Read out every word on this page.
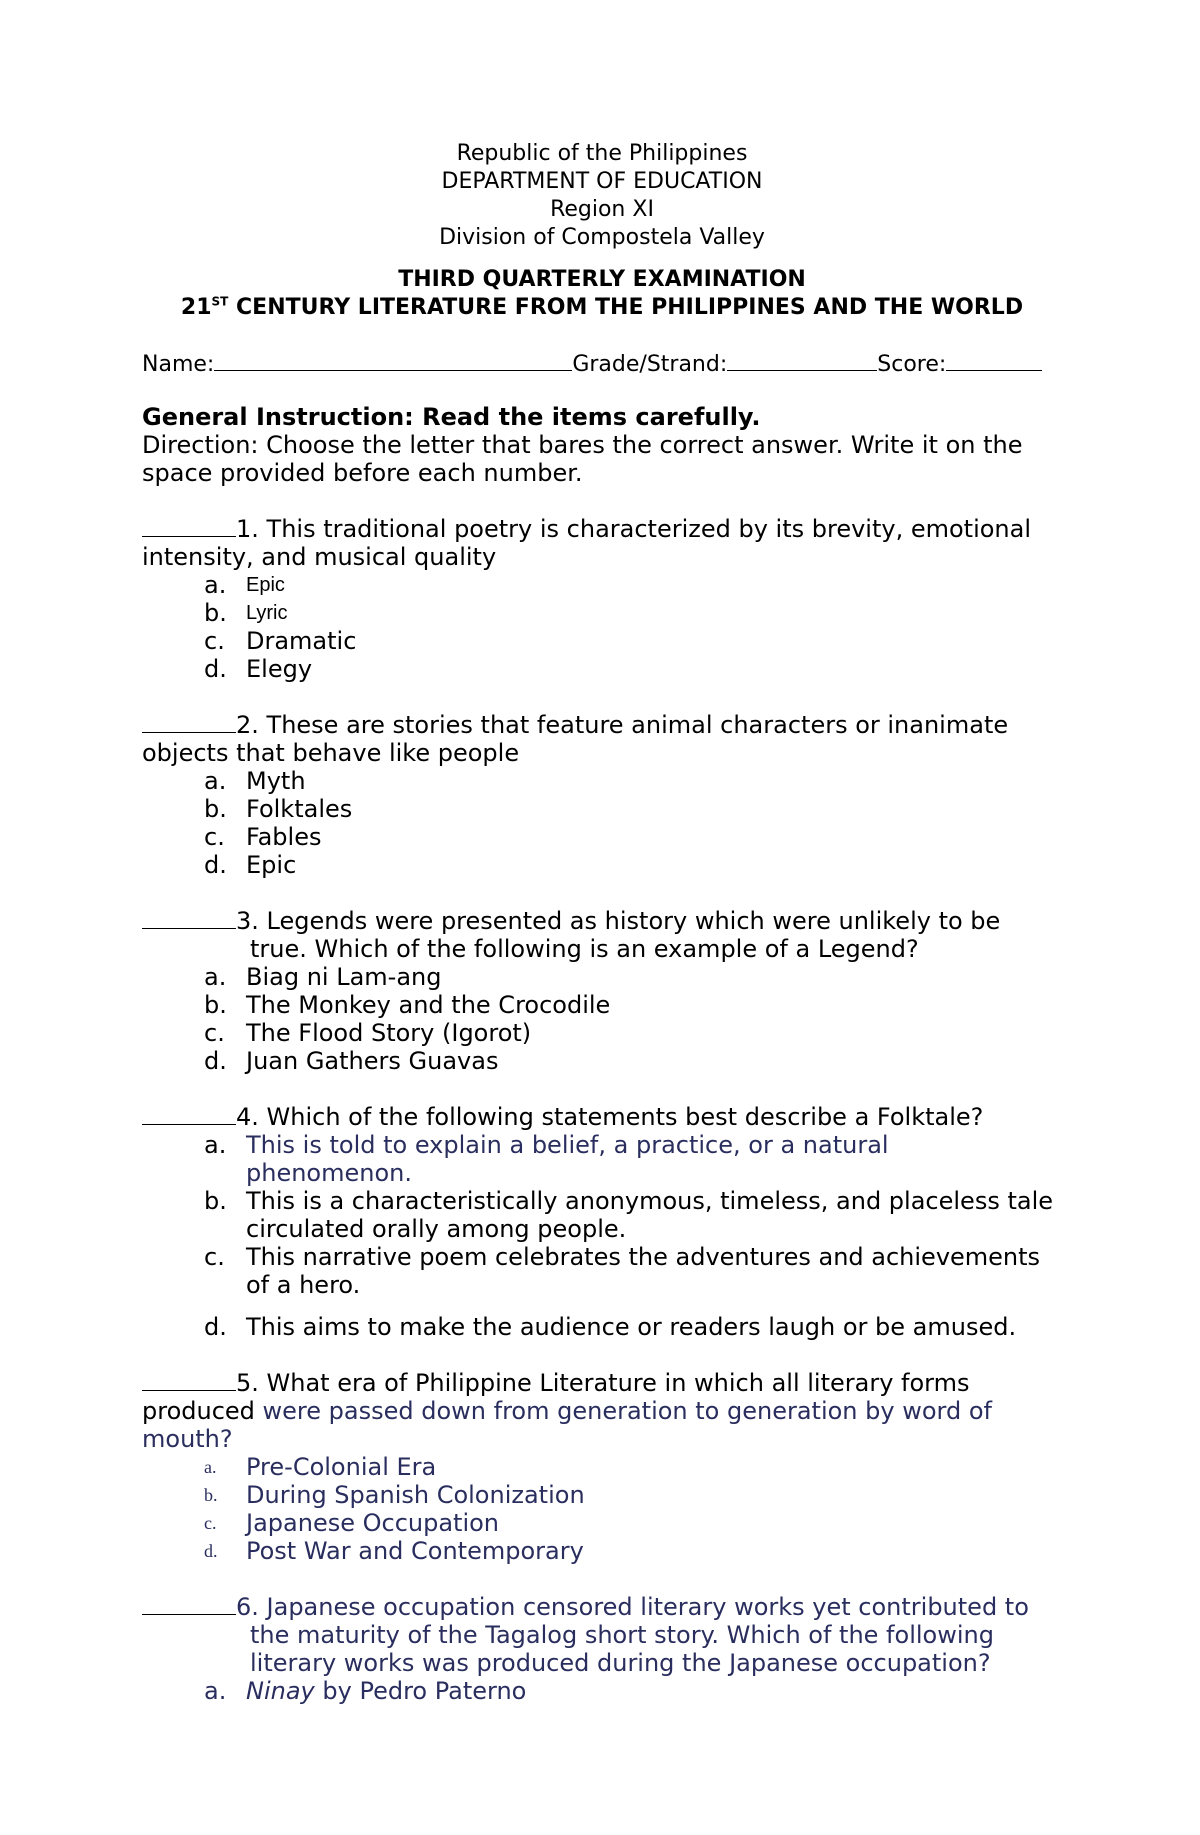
Republic of the Philippines
DEPARTMENT OF EDUCATION
Region XI
Division of Compostela Valley
THIRD QUARTERLY EXAMINATION
21ST CENTURY LITERATURE FROM THE PHILIPPINES AND THE WORLD
Name:	Grade/Strand:	Score:
General Instruction: Read the items carefully.
Direction: Choose the letter that bares the correct answer. Write it on the space provided before each number.
1. This traditional poetry is characterized by its brevity, emotional intensity, and musical quality
a. Epic
b. Lyric
c. Dramatic
d. Elegy
2. These are stories that feature animal characters or inanimate objects that behave like people
a. Myth
b. Folktales
c. Fables
d. Epic
3. Legends were presented as history which were unlikely to be true. Which of the following is an example of a Legend?
a. Biag ni Lam-ang
b. The Monkey and the Crocodile
c. The Flood Story (Igorot)
d. Juan Gathers Guavas
4. Which of the following statements best describe a Folktale?
a. This is told to explain a belief, a practice, or a natural phenomenon.
b. This is a characteristically anonymous, timeless, and placeless tale circulated orally among people.
c. This narrative poem celebrates the adventures and achievements of a hero.
d. This aims to make the audience or readers laugh or be amused.
5. What era of Philippine Literature in which all literary forms produced were passed down from generation to generation by word of mouth?
a.	Pre-Colonial Era
b.	During Spanish Colonization
c.	Japanese Occupation
d.	Post War and Contemporary
6. Japanese occupation censored literary works yet contributed to the maturity of the Tagalog short story. Which of the following literary works was produced during the Japanese occupation?
a. Ninay by Pedro Paterno
